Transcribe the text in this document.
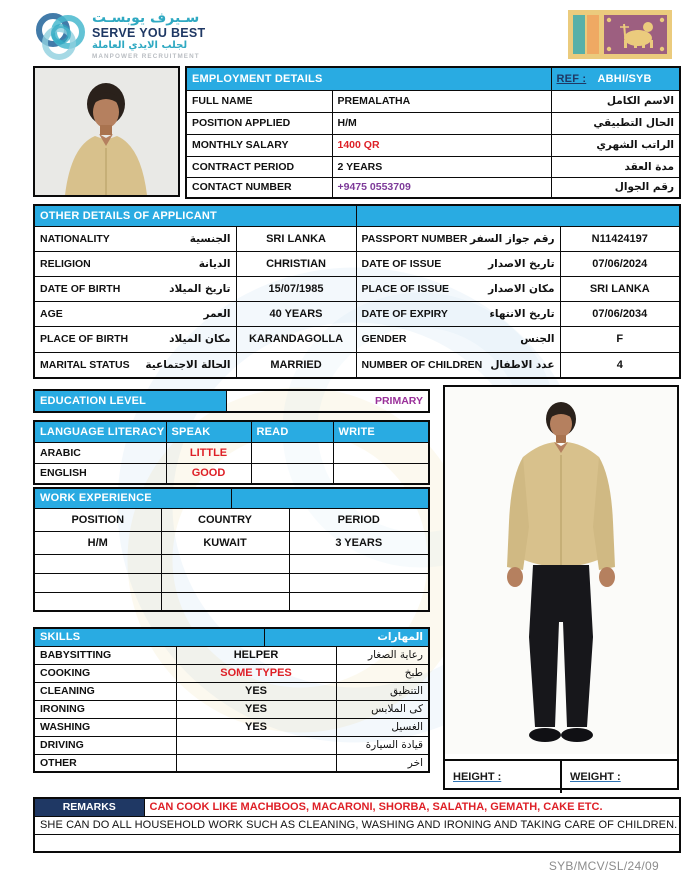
سـيرف يوبسـت
SERVE YOU BEST
لجلب الايدي العاملة
MANPOWER RECRUITMENT
EMPLOYMENT DETAILS		REF : ABHI/SYB
FULL NAME	PREMALATHA	الاسم الكامل
POSITION APPLIED	H/M	الحال التطبيقي
MONTHLY SALARY	1400 QR	الراتب الشهري
CONTRACT PERIOD	2 YEARS	مدة العقد
CONTACT NUMBER	+9475 0553709	رقم الجوال
OTHER DETAILS OF APPLICANT			

NATIONALITY الجنسية	SRI LANKA	PASSPORT NUMBER رقم جواز السفر	N11424197

RELIGION الديانة	CHRISTIAN	DATE OF ISSUE تاريخ الاصدار	07/06/2024

DATE OF BIRTH تاريخ الميلاد	15/07/1985	PLACE OF ISSUE مكان الاصدار	SRI LANKA

AGE العمر	40 YEARS	DATE OF EXPIRY تاريخ الانتهاء	07/06/2034

PLACE OF BIRTH مكان الميلاد	KARANDAGOLLA	GENDER الجنس	F

MARITAL STATUS الحالة الاجتماعية	MARRIED	NUMBER OF CHILDREN عدد الاطفال	4
EDUCATION LEVEL	PRIMARY
LANGUAGE LITERACY	SPEAK	READ	WRITE
ARABIC	LITTLE		
ENGLISH	GOOD		
WORK EXPERIENCE			
POSITION	COUNTRY		PERIOD
H/M	KUWAIT		3 YEARS

SKILLS		المهارات	
BABYSITTING	HELPER		رعاية الصغار
COOKING	SOME TYPES		طبخ
CLEANING	YES		التنظيق
IRONING	YES		كى الملابس
WASHING	YES		الغسيل
DRIVING			قيادة السيارة
OTHER			اخر
HEIGHT :	WEIGHT :
REMARKS	CAN COOK LIKE MACHBOOS, MACARONI, SHORBA, SALATHA, GEMATH, CAKE ETC.
SHE CAN DO ALL HOUSEHOLD WORK SUCH AS CLEANING, WASHING AND IRONING AND TAKING CARE OF CHILDREN.

SYB/MCV/SL/24/09
